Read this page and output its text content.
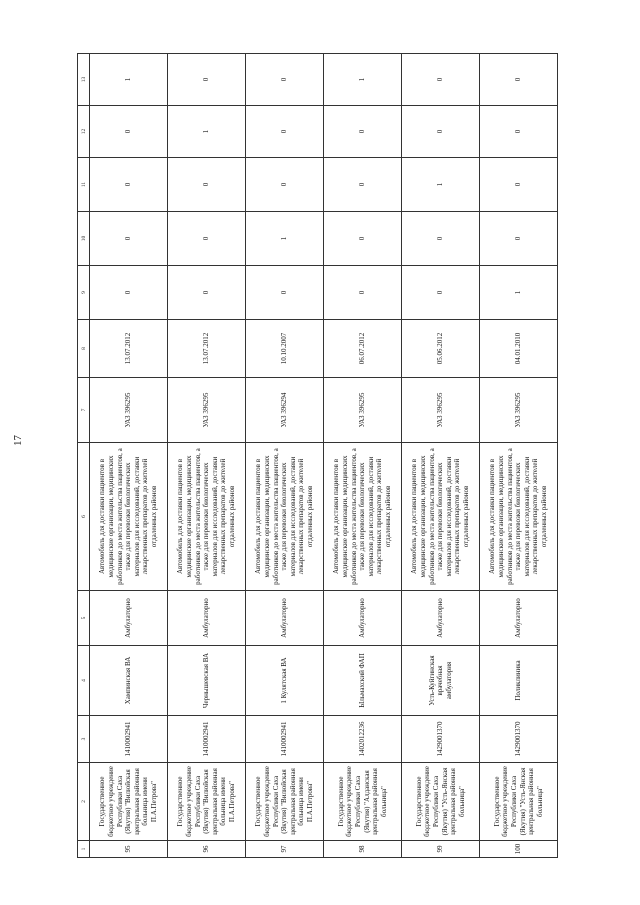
17
1	2	3	4	5	6	7	8	9	10	11	12	13
95	Государственное бюджетное учреждение Республики Саха (Якутия) "Вилюйская центральная районная больница имени П.А.Петрова"	1410002941	Хампинская ВА	Амбулаторно	Автомобиль для доставки пациентов в медицинские организации, медицинских работников до места жительства пациентов, а также для перевозки биологических материалов для исследований, доставки лекарственных препаратов до жителей отдаленных районов	УАЗ 396295	13.07.2012	0	0	0	0	1
96	Государственное бюджетное учреждение Республики Саха (Якутия) "Вилюйская центральная районная больница имени П.А.Петрова"	1410002941	Чернышевская ВА	Амбулаторно	Автомобиль для доставки пациентов в медицинские организации, медицинских работников до места жительства пациентов, а также для перевозки биологических материалов для исследований, доставки лекарственных препаратов до жителей отдаленных районов	УАЗ 396295	13.07.2012	0	0	0	1	0
97	Государственное бюджетное учреждение Республики Саха (Якутия) "Вилюйская центральная районная больница имени П.А.Петрова"	1410002941	1 Кулятская ВА	Амбулаторно	Автомобиль для доставки пациентов в медицинские организации, медицинских работников до места жительства пациентов, а также для перевозки биологических материалов для исследований, доставки лекарственных препаратов до жителей отдаленных районов	УАЗ 396294	10.10.2007	0	1	0	0	0
98	Государственное бюджетное учреждение Республики Саха (Якутия) "Алданская центральная районная больница"	1402012236	Ыльмахский ФАП	Амбулаторно	Автомобиль для доставки пациентов в медицинские организации, медицинских работников до места жительства пациентов, а также для перевозки биологических материалов для исследований, доставки лекарственных препаратов до жителей отдаленных районов	УАЗ 396295	06.07.2012	0	0	0	0	1
99	Государственное бюджетное учреждение Республики Саха (Якутия) "Усть-Янская центральная районная больница"	1429001370	Усть-Куйгинская врачебная амбулатория	Амбулаторно	Автомобиль для доставки пациентов в медицинские организации, медицинских работников до места жительства пациентов, а также для перевозки биологических материалов для исследований, доставки лекарственных препаратов до жителей отдаленных районов	УАЗ 396295	05.06.2012	0	0	1	0	0
100	Государственное бюджетное учреждение Республики Саха (Якутия) "Усть-Янская центральная районная больница"	1429001370	Поликлиника	Амбулаторно	Автомобиль для доставки пациентов в медицинские организации, медицинских работников до места жительства пациентов, а также для перевозки биологических материалов для исследований, доставки лекарственных препаратов до жителей отдаленных районов	УАЗ 396295	04.01.2010	1	0	0	0	0
